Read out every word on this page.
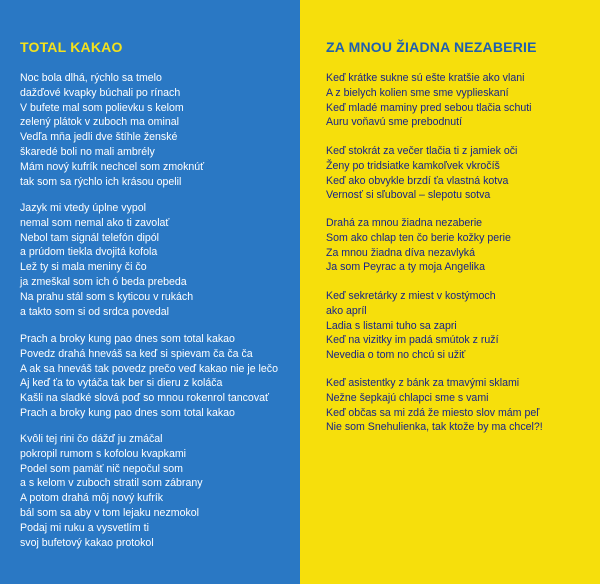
TOTAL KAKAO
Noc bola dlhá, rýchlo sa tmelo
dažďové kvapky búchali po rínach
V bufete mal som polievku s kelom
zelený plátok v zuboch ma ominal
Vedľa mňa jedli dve štíhle ženské
škaredé boli no mali ambrély
Mám nový kufrík nechcel som zmoknúť
tak som sa rýchlo ich krásou opelil
Jazyk mi vtedy úplne vypol
nemal som nemal ako ti zavolať
Nebol tam signál telefón dipól
a prúdom tiekla dvojitá kofola
Lež ty si mala meniny či čo
ja zmeškal som ich ó beda prebeda
Na prahu stál som s kyticou v rukách
a takto som si od srdca povedal
Prach a broky kung pao dnes som total kakao
Povedz drahá hneváš sa keď si spievam ča ča ča
A ak sa hneváš tak povedz prečo veď kakao nie je lečo
Aj keď ťa to vytáča tak ber si dieru z koláča
Kašli na sladké slová poď so mnou rokenrol tancovať
Prach a broky kung pao dnes som total kakao
Kvôli tej rini čo dážď ju zmáčal
pokropil rumom s kofolou kvapkami
Podel som pamäť nič nepočul som
a s kelom v zuboch stratil som zábrany
A potom drahá môj nový kufrík
bál som sa aby v tom lejaku nezmokol
Podaj mi ruku a vysvetlím ti
svoj bufetový kakao protokol
ZA MNOU ŽIADNA NEZABERIE
Keď krátke sukne sú ešte kratšie ako vlani
A z bielych kolien sme sme vyplieskaní
Keď mladé maminy pred sebou tlačia schuti
Auru voňavú sme prebodnutí
Keď stokrát za večer tlačia ti z jamiek oči
Ženy po tridsiatke kamkoľvek vkročíš
Keď ako obvykle brzdí ťa vlastná kotva
Vernosť si sľuboval – slepotu sotva
Drahá za mnou žiadna nezaberie
Som ako chlap ten čo berie kožky perie
Za mnou žiadna díva nezavlyká
Ja som Peyrac a ty moja Angelika
Keď sekretárky z miest v kostýmoch
ako apríl
Ladia s listami tuho sa zapri
Keď na vizitky im padá smútok z ruží
Nevedia o tom no chcú si užiť
Keď asistentky z bánk za tmavými sklami
Nežne šepkajú chlapci sme s vami
Keď občas sa mi zdá že miesto slov mám peľ
Nie som Snehulienka, tak ktože by ma chcel?!
